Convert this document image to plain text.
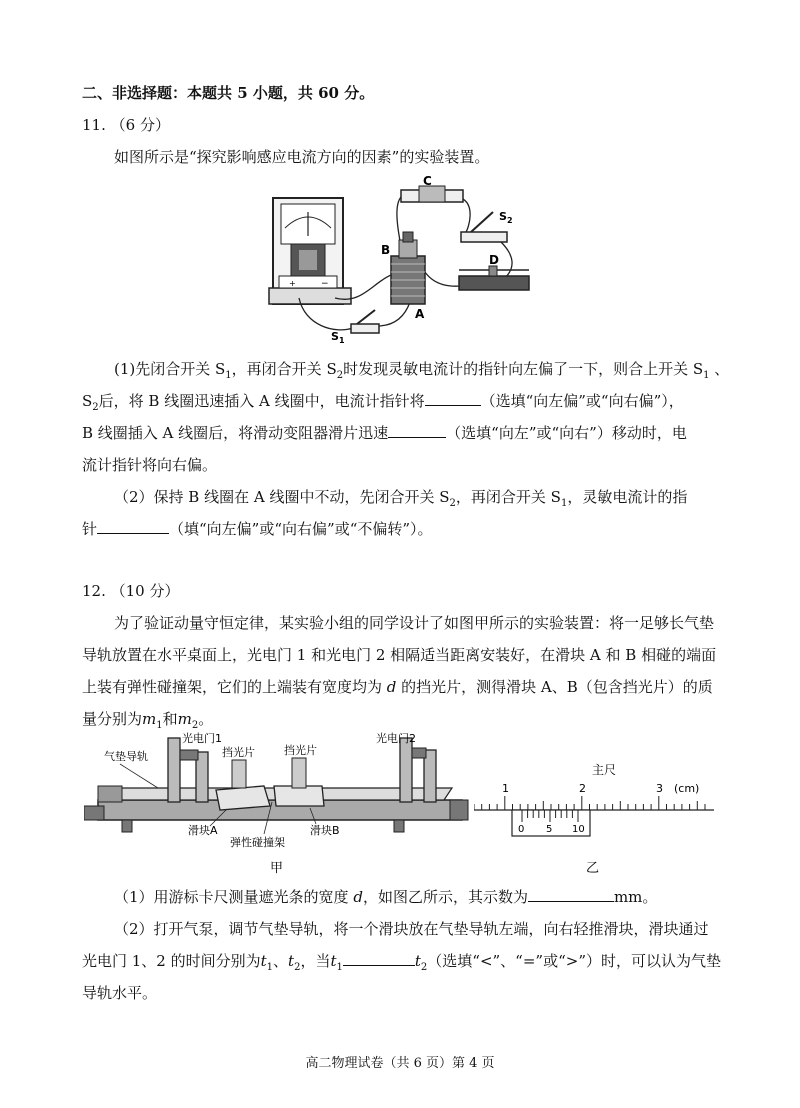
二、非选择题：本题共 5 小题，共 60 分。
11. （6 分）
如图所示是“探究影响感应电流方向的因素”的实验装置。
+	−
C
$S_2$
B
A
D
$S_1$
(1)先闭合开关 $S_1$，再闭合开关 $S_2$时发现灵敏电流计的指针向左偏了一下，则合上开关 $S_1$ 、
$S_2$后，将 B 线圈迅速插入 A 线圈中，电流计指针将	（选填“向左偏”或“向右偏”），
B 线圈插入 A 线圈后，将滑动变阻器滑片迅速	（选填“向左”或“向右”）移动时，电
流计指针将向右偏。
（2）保持 B 线圈在 A 线圈中不动，先闭合开关 $S_2$，再闭合开关 $S_1$，灵敏电流计的指
针	（填“向左偏”或“向右偏”或“不偏转”）。
12. （10 分）
为了验证动量守恒定律，某实验小组的同学设计了如图甲所示的实验装置：将一足够长气垫
导轨放置在水平桌面上，光电门 1 和光电门 2 相隔适当距离安装好，在滑块 A 和 B 相碰的端面
上装有弹性碰撞架，它们的上端装有宽度均为 d 的挡光片，测得滑块 A、B（包含挡光片）的质
量分别为$m_1$和$m_2$。
气垫导轨
光电门1	光电门2
挡光片	挡光片
滑块A	滑块B
弹性碰撞架
甲
主尺
(cm)
1	2	3
0 5 10
乙
（1）用游标卡尺测量遮光条的宽度 d，如图乙所示，其示数为	mm。
（2）打开气泵，调节气垫导轨，将一个滑块放在气垫导轨左端，向右轻推滑块，滑块通过
光电门 1、2 的时间分别为$t_1$、$t_2$，当$t_1$	$t_2$（选填“<”、“=”或“>”）时，可以认为气垫
导轨水平。
高二物理试卷（共 6 页）第 4 页
